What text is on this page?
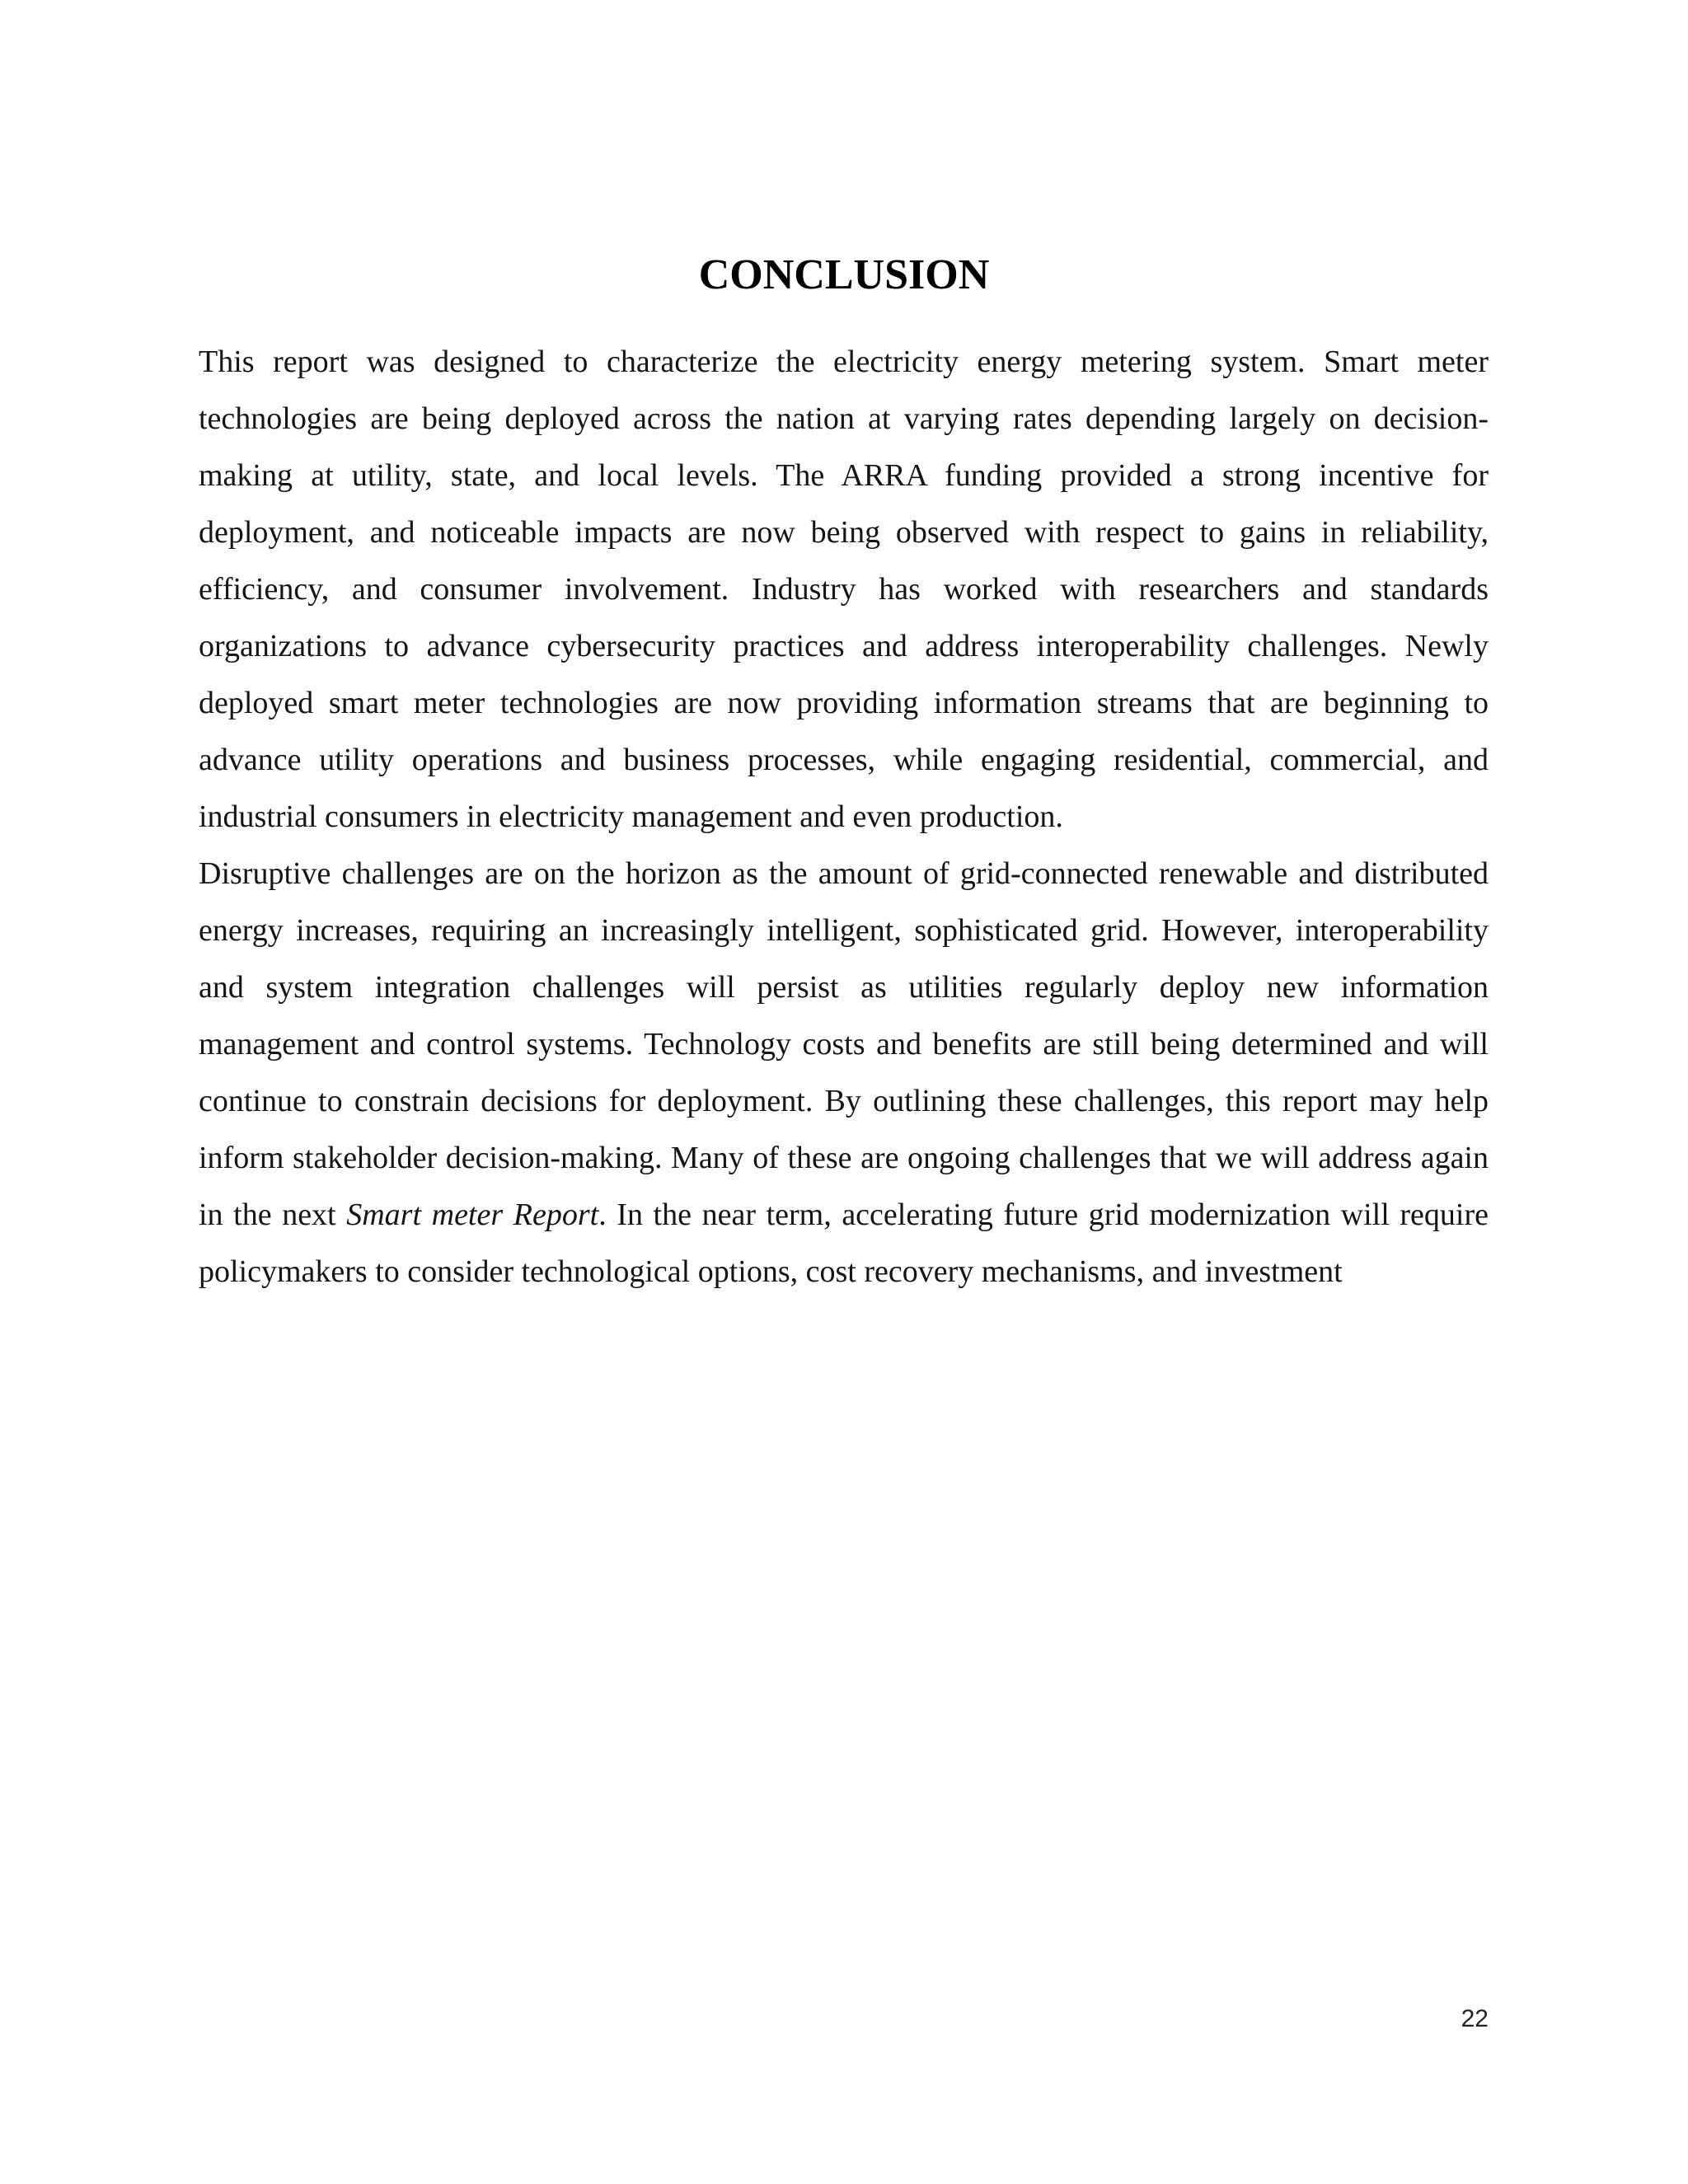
CONCLUSION

This report was designed to characterize the electricity energy metering system. Smart meter technologies are being deployed across the nation at varying rates depending largely on decision-making at utility, state, and local levels. The ARRA funding provided a strong incentive for deployment, and noticeable impacts are now being observed with respect to gains in reliability, efficiency, and consumer involvement. Industry has worked with researchers and standards organizations to advance cybersecurity practices and address interoperability challenges. Newly deployed smart meter technologies are now providing information streams that are beginning to advance utility operations and business processes, while engaging residential, commercial, and industrial consumers in electricity management and even production.

Disruptive challenges are on the horizon as the amount of grid-connected renewable and distributed energy increases, requiring an increasingly intelligent, sophisticated grid. However, interoperability and system integration challenges will persist as utilities regularly deploy new information management and control systems. Technology costs and benefits are still being determined and will continue to constrain decisions for deployment. By outlining these challenges, this report may help inform stakeholder decision-making. Many of these are ongoing challenges that we will address again in the next Smart meter Report. In the near term, accelerating future grid modernization will require policymakers to consider technological options, cost recovery mechanisms, and investment

22
